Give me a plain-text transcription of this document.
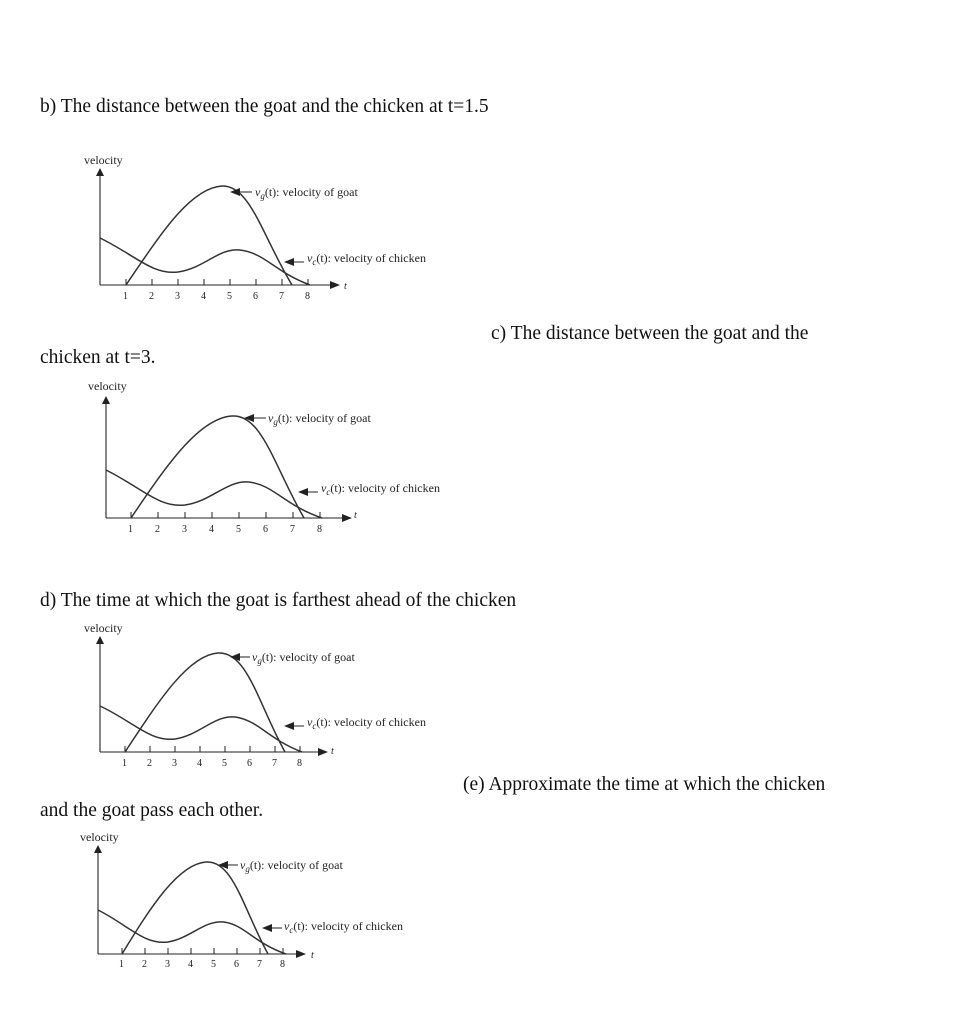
b) The distance between the goat and the chicken at t=1.5
velocity
t
1 2 3 4 5 6 7 8
$v_g(t)$: velocity of goat
$v_c(t)$: velocity of chicken
c) The distance between the goat and the
chicken at t=3.
velocity
t
1 2 3 4 5 6 7 8
$v_g(t)$: velocity of goat
$v_c(t)$: velocity of chicken
d) The time at which the goat is farthest ahead of the chicken
velocity
t
1 2 3 4 5 6 7 8
$v_g(t)$: velocity of goat
$v_c(t)$: velocity of chicken
(e) Approximate the time at which the chicken
and the goat pass each other.
velocity
t
1 2 3 4 5 6 7 8
$v_g(t)$: velocity of goat
$v_c(t)$: velocity of chicken
